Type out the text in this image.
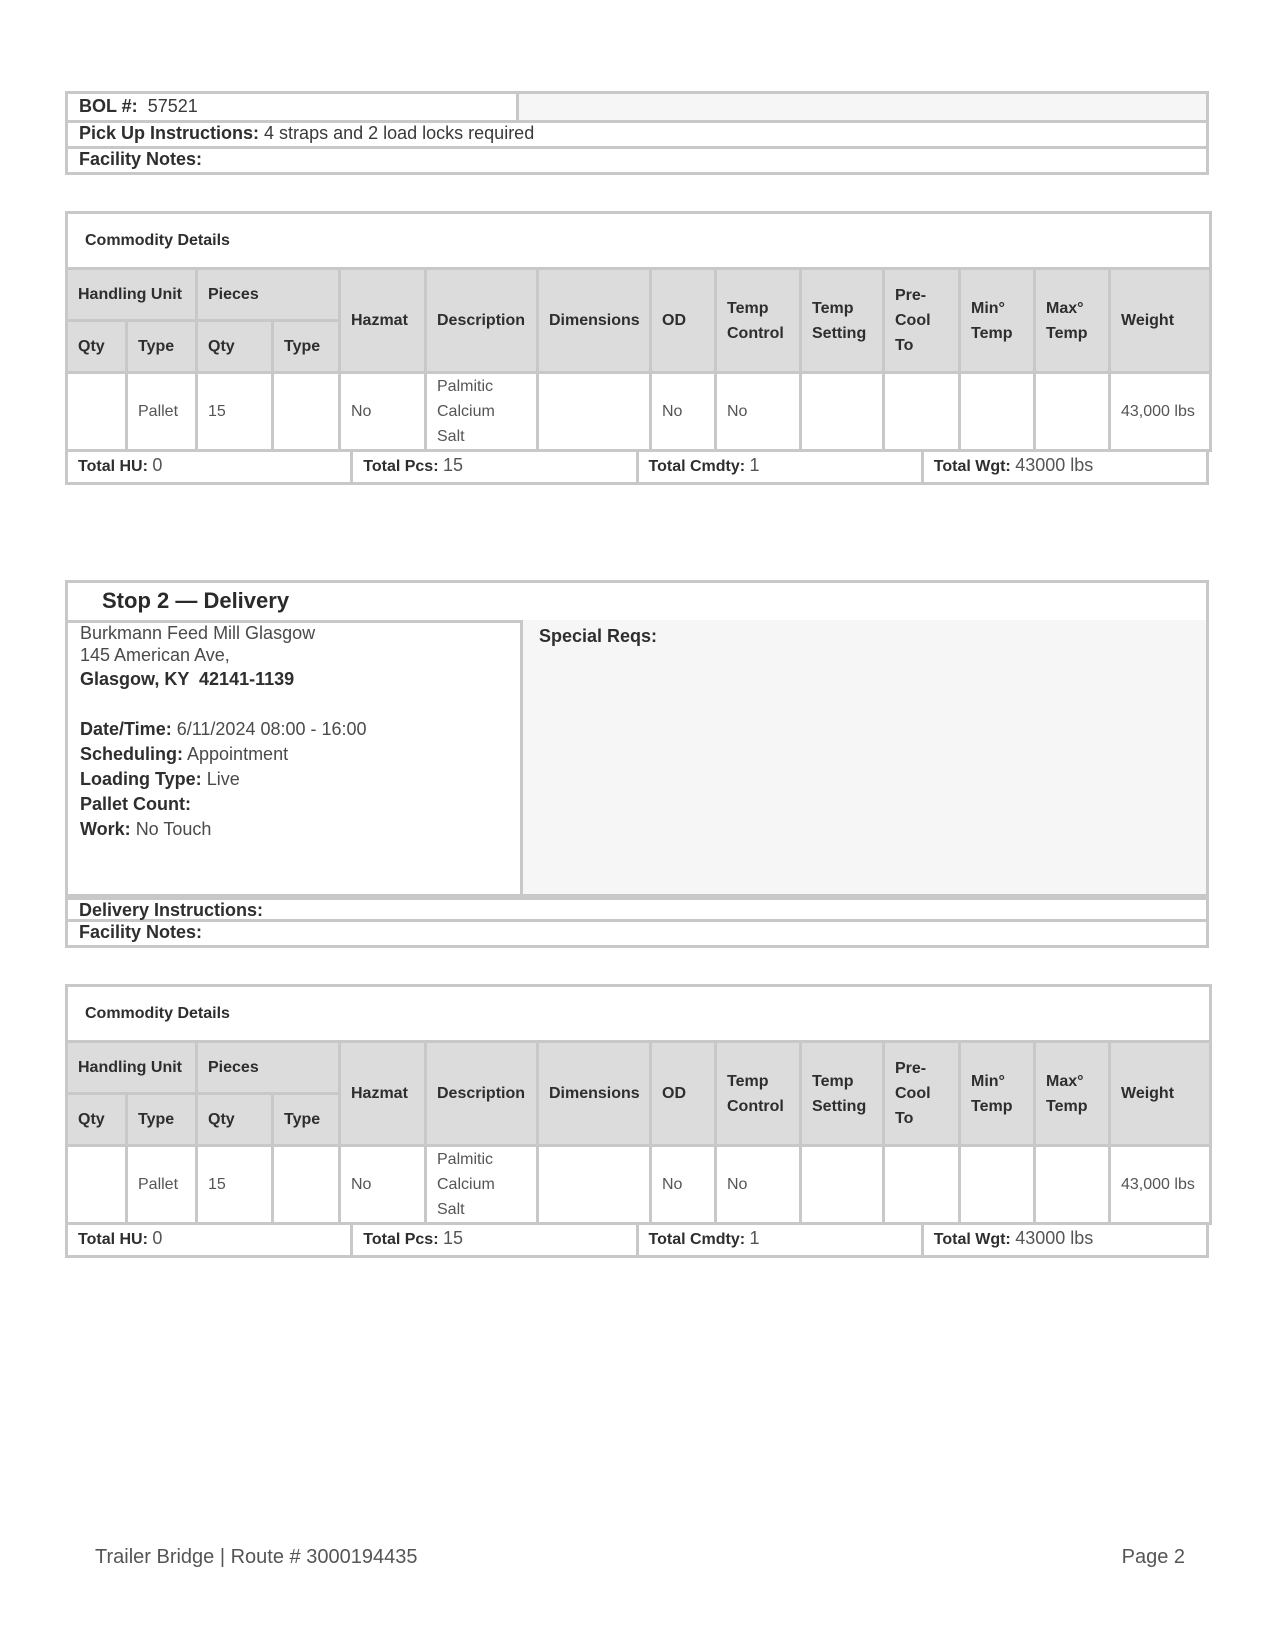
BOL #: 57521
Pick Up Instructions: 4 straps and 2 load locks required
Facility Notes:
Commodity Details													
Handling Unit		Pieces		Hazmat	Description	Dimensions	OD	Temp Control	Temp Setting	Pre-Cool To	Min° Temp	Max° Temp	Weight
Qty	Type	Qty	Type										
	Pallet	15		No	Palmitic Calcium Salt		No	No					43,000 lbs
Total HU: 0	Total Pcs: 15	Total Cmdty: 1	Total Wgt: 43000 lbs
Stop 2 — Delivery
Burkmann Feed Mill Glasgow
145 American Ave,
Glasgow, KY  42141-1139
Date/Time: 6/11/2024 08:00 - 16:00
Scheduling: Appointment
Loading Type: Live
Pallet Count:
Work: No Touch
Special Reqs:
Delivery Instructions:
Facility Notes:
Commodity Details													
Handling Unit		Pieces		Hazmat	Description	Dimensions	OD	Temp Control	Temp Setting	Pre-Cool To	Min° Temp	Max° Temp	Weight
Qty	Type	Qty	Type										
	Pallet	15		No	Palmitic Calcium Salt		No	No					43,000 lbs
Total HU: 0	Total Pcs: 15	Total Cmdty: 1	Total Wgt: 43000 lbs
Trailer Bridge | Route # 3000194435	Page 2
